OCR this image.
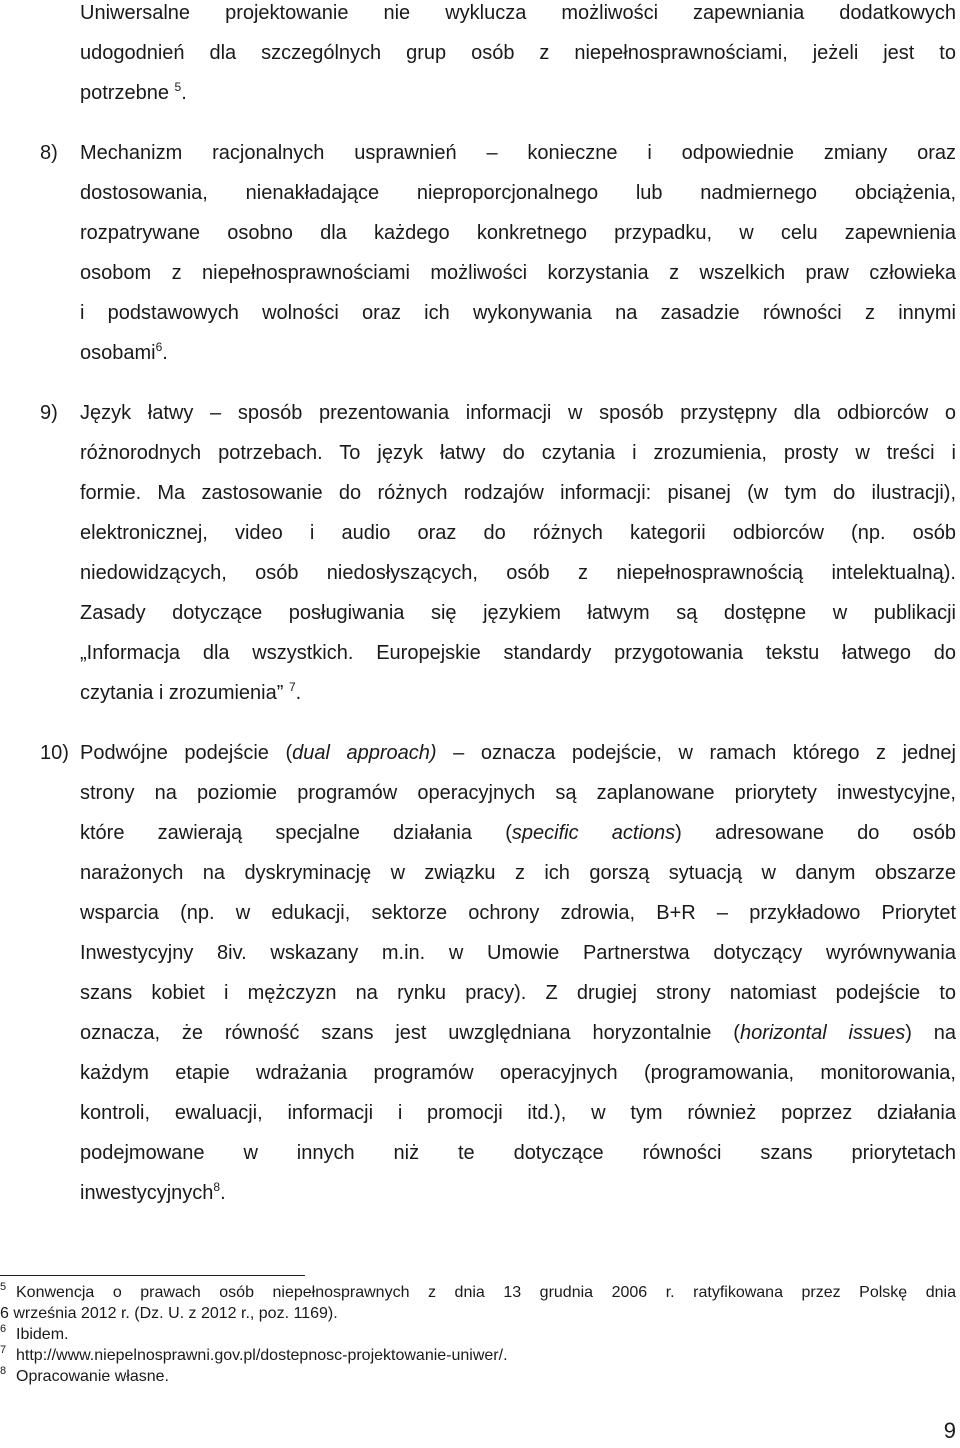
Uniwersalne projektowanie nie wyklucza możliwości zapewniania dodatkowych
udogodnień dla szczególnych grup osób z niepełnosprawnościami, jeżeli jest to
potrzebne $^5$.
8) Mechanizm racjonalnych usprawnień – konieczne i odpowiednie zmiany oraz
dostosowania, nienakładające nieproporcjonalnego lub nadmiernego obciążenia,
rozpatrywane osobno dla każdego konkretnego przypadku, w celu zapewnienia
osobom z niepełnosprawnościami możliwości korzystania z wszelkich praw człowieka
i podstawowych wolności oraz ich wykonywania na zasadzie równości z innymi
osobami$^6$.
9) Język łatwy – sposób prezentowania informacji w sposób przystępny dla odbiorców o
różnorodnych potrzebach. To język łatwy do czytania i zrozumienia, prosty w treści i
formie. Ma zastosowanie do różnych rodzajów informacji: pisanej (w tym do ilustracji),
elektronicznej, video i audio oraz do różnych kategorii odbiorców (np. osób
niedowidzących, osób niedosłyszących, osób z niepełnosprawnością intelektualną).
Zasady dotyczące posługiwania się językiem łatwym są dostępne w publikacji
„Informacja dla wszystkich. Europejskie standardy przygotowania tekstu łatwego do
czytania i zrozumienia” $^7$.
10) Podwójne podejście (dual approach) – oznacza podejście, w ramach którego z jednej
strony na poziomie programów operacyjnych są zaplanowane priorytety inwestycyjne,
które zawierają specjalne działania (specific actions) adresowane do osób
narażonych na dyskryminację w związku z ich gorszą sytuacją w danym obszarze
wsparcia (np. w edukacji, sektorze ochrony zdrowia, B+R – przykładowo Priorytet
Inwestycyjny 8iv. wskazany m.in. w Umowie Partnerstwa dotyczący wyrównywania
szans kobiet i mężczyzn na rynku pracy). Z drugiej strony natomiast podejście to
oznacza, że równość szans jest uwzględniana horyzontalnie (horizontal issues) na
każdym etapie wdrażania programów operacyjnych (programowania, monitorowania,
kontroli, ewaluacji, informacji i promocji itd.), w tym również poprzez działania
podejmowane w innych niż te dotyczące równości szans priorytetach
inwestycyjnych$^8$.
5 Konwencja o prawach osób niepełnosprawnych z dnia 13 grudnia 2006 r. ratyfikowana przez Polskę dnia
6 września 2012 r. (Dz. U. z 2012 r., poz. 1169).
6 Ibidem.
7 http://www.niepelnosprawni.gov.pl/dostepnosc-projektowanie-uniwer/.
8 Opracowanie własne.
9
